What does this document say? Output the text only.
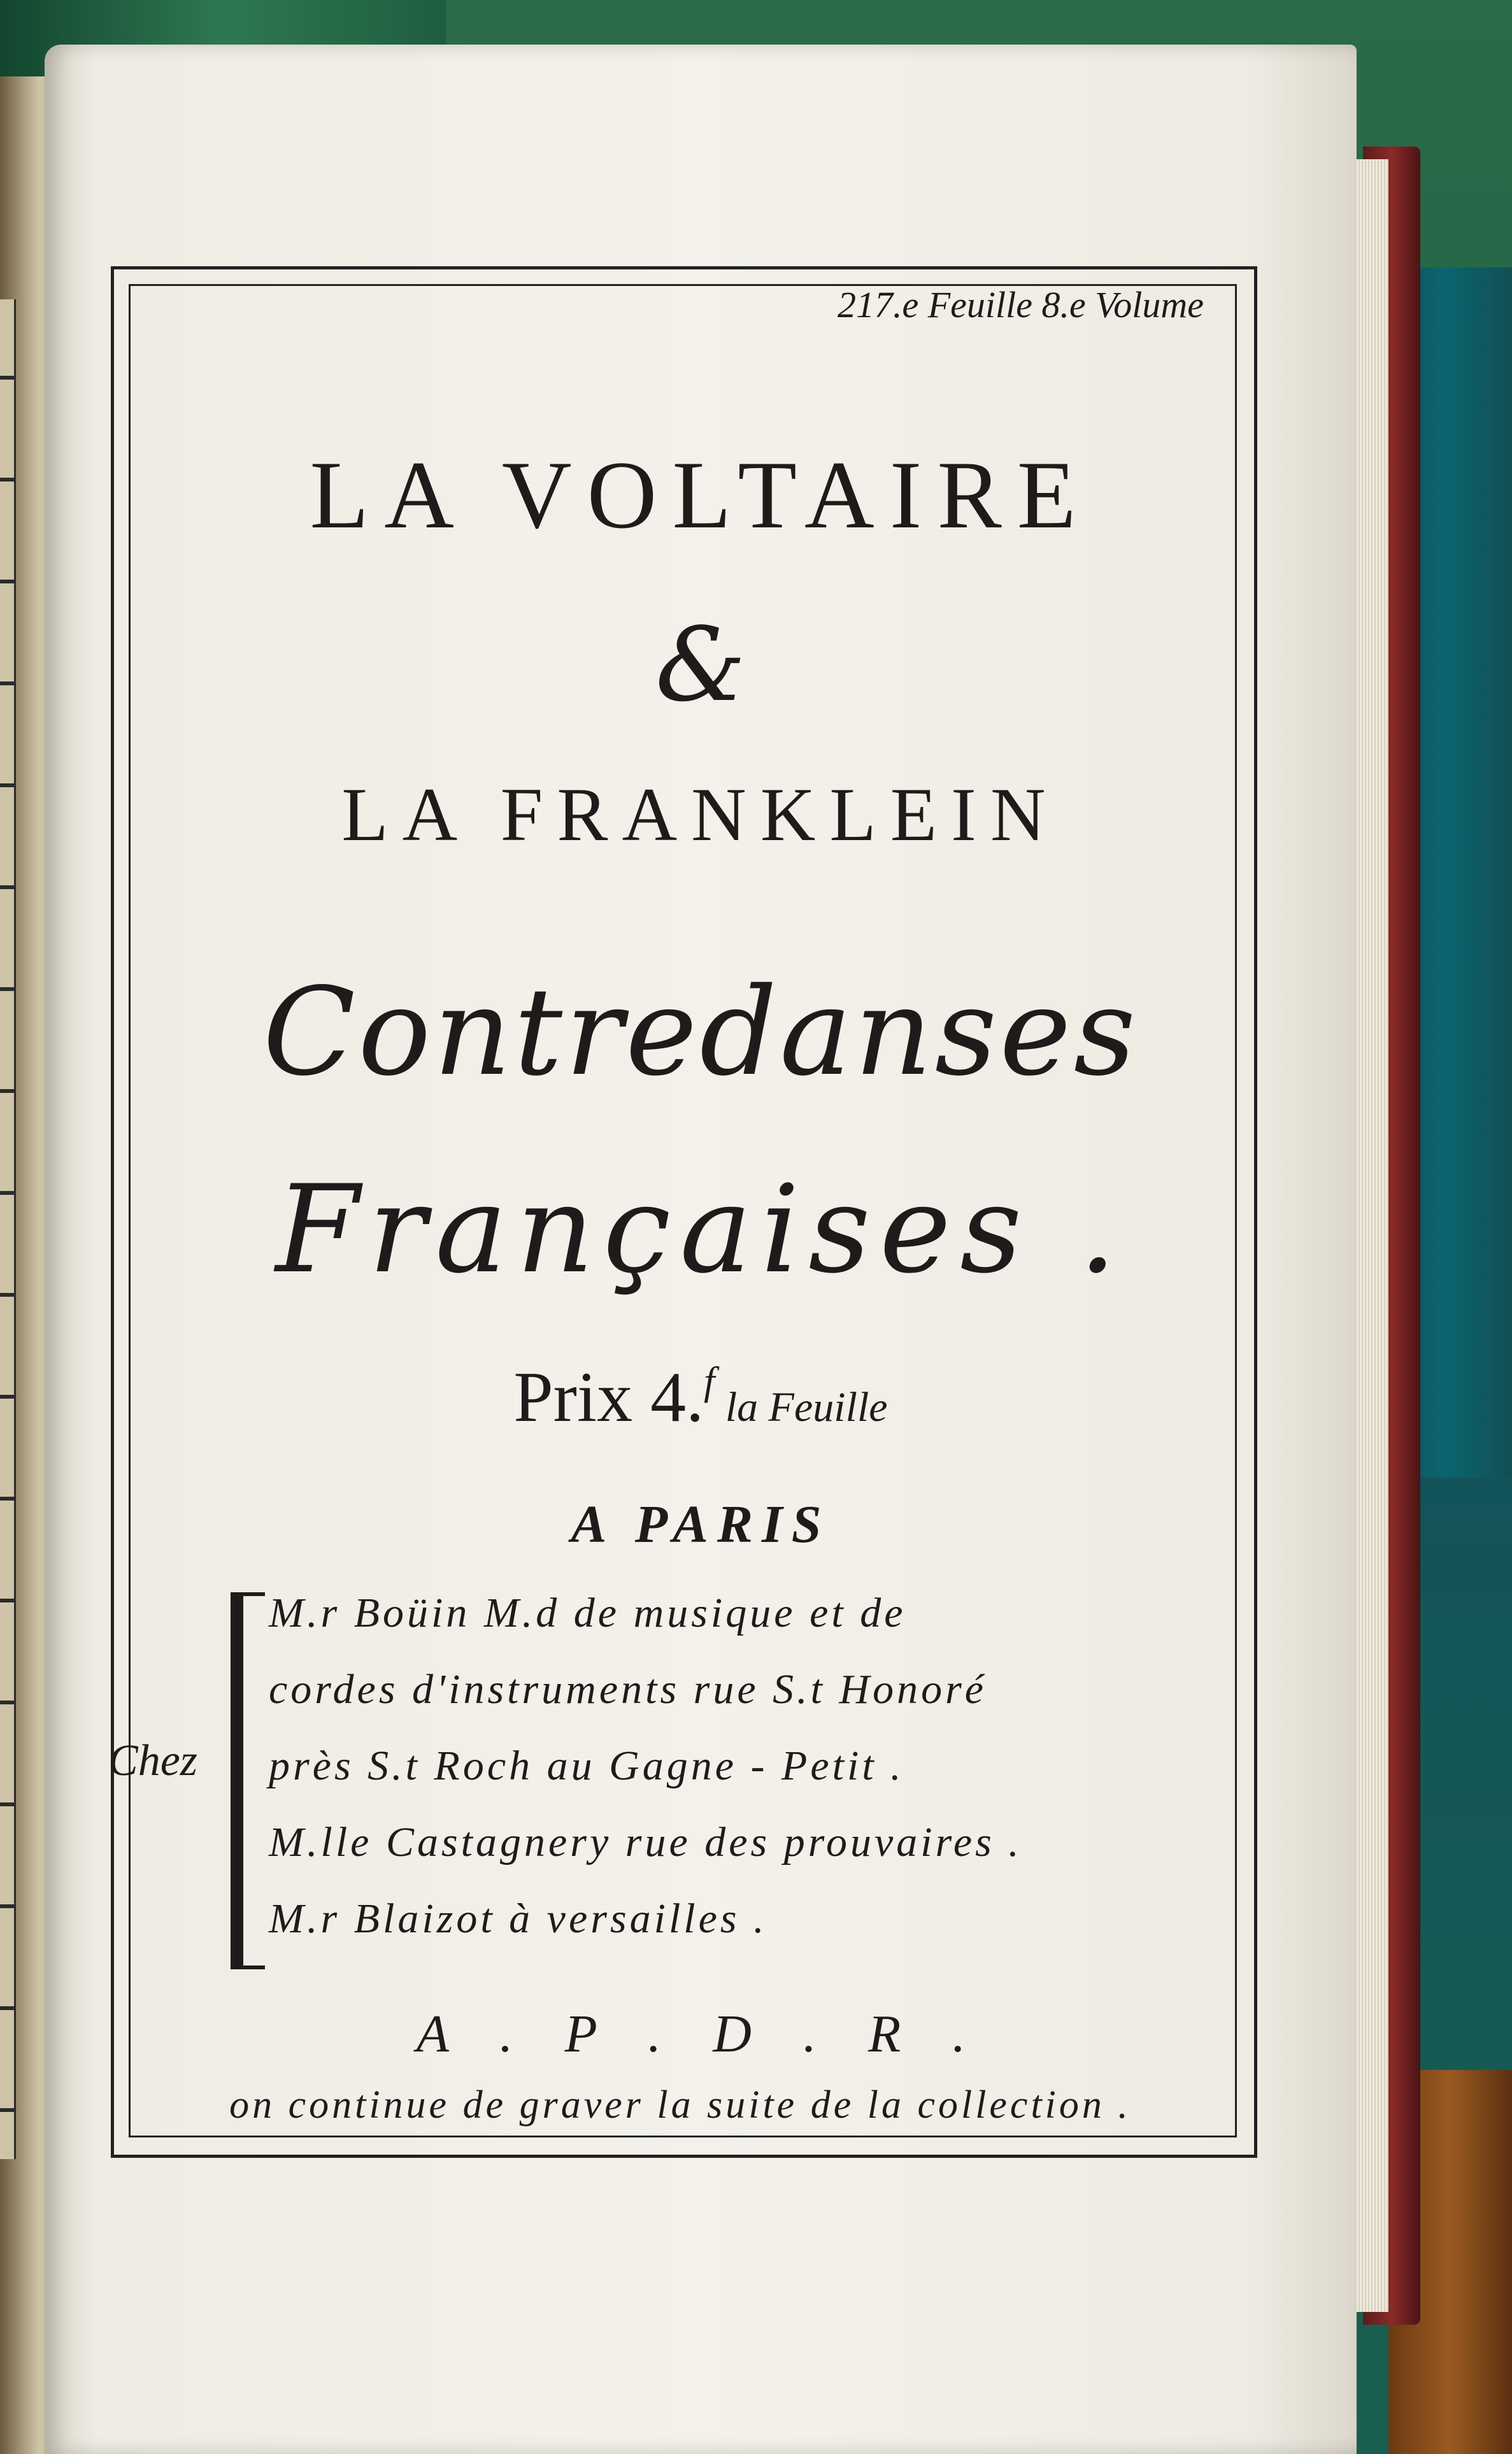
217.e Feuille 8.e Volume
LA VOLTAIRE
&
LA FRANKLEIN
Contredanses
Françaises .
Prix 4.f la Feuille
A PARIS
Chez
M.r Boüin M.d de musique et de
cordes d'instruments rue S.t Honoré
près S.t Roch au Gagne - Petit .
M.lle Castagnery rue des prouvaires .
M.r Blaizot à versailles .
A . P . D . R .
on continue de graver la suite de la collection .
